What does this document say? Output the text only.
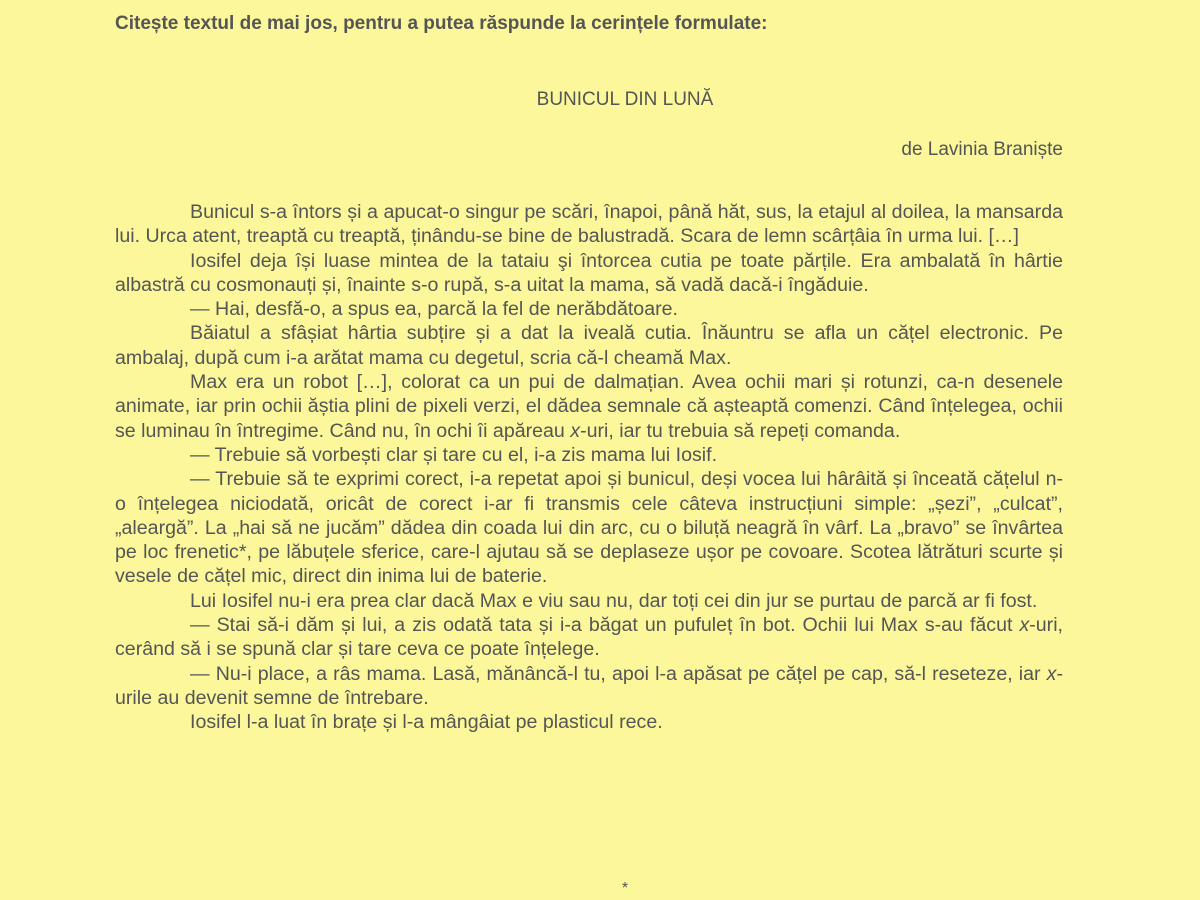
Citește textul de mai jos, pentru a putea răspunde la cerințele formulate:
BUNICUL DIN LUNĂ
de Lavinia Braniște

Bunicul s-a întors și a apucat-o singur pe scări, înapoi, până hăt, sus, la etajul al doilea, la mansarda lui. Urca atent, treaptă cu treaptă, ținându-se bine de balustradă. Scara de lemn scârțâia în urma lui. […]

Iosifel deja își luase mintea de la tataiu şi întorcea cutia pe toate părțile. Era ambalată în hârtie albastră cu cosmonauți și, înainte s-o rupă, s-a uitat la mama, să vadă dacă-i îngăduie.

— Hai, desfă-o, a spus ea, parcă la fel de nerăbdătoare.

Băiatul a sfâșiat hârtia subțire și a dat la iveală cutia. Înăuntru se afla un cățel electronic. Pe ambalaj, după cum i-a arătat mama cu degetul, scria că-l cheamă Max.

Max era un robot […], colorat ca un pui de dalmațian. Avea ochii mari și rotunzi, ca-n desenele animate, iar prin ochii ăștia plini de pixeli verzi, el dădea semnale că așteaptă comenzi. Când înțelegea, ochii se luminau în întregime. Când nu, în ochi îi apăreau x-uri, iar tu trebuia să repeți comanda.

— Trebuie să vorbești clar și tare cu el, i-a zis mama lui Iosif.

— Trebuie să te exprimi corect, i-a repetat apoi și bunicul, deși vocea lui hârâită și înceată cățelul n-o înțelegea niciodată, oricât de corect i-ar fi transmis cele câteva instrucțiuni simple: „șezi”, „culcat”, „aleargă”. La „hai să ne jucăm” dădea din coada lui din arc, cu o biluță neagră în vârf. La „bravo” se învârtea pe loc frenetic*, pe lăbuțele sferice, care-l ajutau să se deplaseze ușor pe covoare. Scotea lătrături scurte și vesele de cățel mic, direct din inima lui de baterie.

Lui Iosifel nu-i era prea clar dacă Max e viu sau nu, dar toți cei din jur se purtau de parcă ar fi fost.

— Stai să-i dăm și lui, a zis odată tata și i-a băgat un pufuleț în bot. Ochii lui Max s-au făcut x-uri, cerând să i se spună clar și tare ceva ce poate înțelege.

— Nu-i place, a râs mama. Lasă, mănâncă-l tu, apoi l-a apăsat pe cățel pe cap, să-l reseteze, iar x-urile au devenit semne de întrebare.

Iosifel l-a luat în brațe și l-a mângâiat pe plasticul rece.

*
